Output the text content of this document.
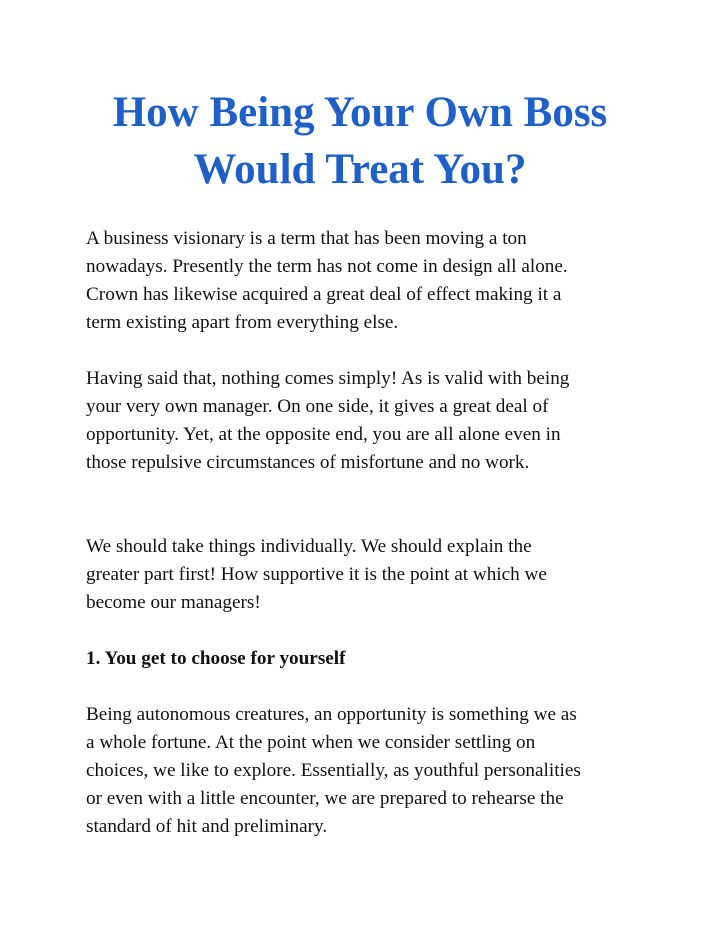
How Being Your Own Boss
Would Treat You?

A business visionary is a term that has been moving a ton
nowadays. Presently the term has not come in design all alone.
Crown has likewise acquired a great deal of effect making it a
term existing apart from everything else.

Having said that, nothing comes simply! As is valid with being
your very own manager. On one side, it gives a great deal of
opportunity. Yet, at the opposite end, you are all alone even in
those repulsive circumstances of misfortune and no work.

We should take things individually. We should explain the
greater part first! How supportive it is the point at which we
become our managers!

1. You get to choose for yourself

Being autonomous creatures, an opportunity is something we as
a whole fortune. At the point when we consider settling on
choices, we like to explore. Essentially, as youthful personalities
or even with a little encounter, we are prepared to rehearse the
standard of hit and preliminary.
